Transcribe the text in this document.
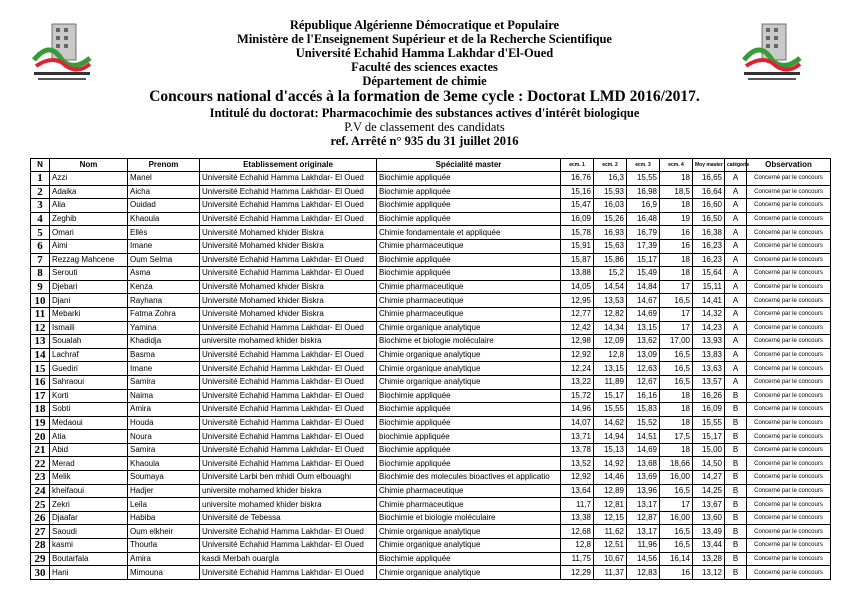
République Algérienne Démocratique et Populaire
Ministère de l'Enseignement Supérieur et de la Recherche Scientifique
Université Echahid Hamma Lakhdar d'El-Oued
Faculté des sciences exactes
Département de chimie
Concours national d'accés à la formation de 3eme cycle : Doctorat LMD 2016/2017.
Intitulé du doctorat: Pharmacochimie des substances actives d'intérêt biologique
P.V de classement des candidats
ref. Arrêté n° 935 du 31 juillet 2016
N	Nom	Prenom	Etablissement originale	Spécialité master	ecm. 1	ecm. 2	ecm. 3	ecm. 4	Moy master	catégorie	Observation
1	Azzi	Manel	Université Echahid Hamma Lakhdar- El Oued	Biochimie appliquée	16,76	16,3	15,55	18	16,65	A	Concerné par le concours
2	Adaika	Aicha	Université Echahid Hamma Lakhdar- El Oued	Biochimie appliquée	15,16	15,93	16,98	18,5	16,64	A	Concerné par le concours
3	Alia	Ouidad	Université Echahid Hamma Lakhdar- El Oued	Biochimie appliquée	15,47	16,03	16,9	18	16,60	A	Concerné par le concours
4	Zeghib	Khaoula	Université Echahid Hamma Lakhdar- El Oued	Biochimie appliquée	16,09	15,26	16,48	19	16,50	A	Concerné par le concours
5	Omari	Ellès	Université Mohamed khider Biskra	Chimie fondamentale et appliquée	15,78	16,93	16,79	16	16,38	A	Concerné par le concours
6	Aimi	Imane	Université Mohamed khider Biskra	Chimie pharmaceutique	15,91	15,63	17,39	16	16,23	A	Concerné par le concours
7	Rezzag Mahcene	Oum Selma	Université Echahid Hamma Lakhdar- El Oued	Biochimie appliquée	15,87	15,86	15,17	18	16,23	A	Concerné par le concours
8	Serouti	Asma	Université Echahid Hamma Lakhdar- El Oued	Biochimie appliquée	13,88	15,2	15,49	18	15,64	A	Concerné par le concours
9	Djebari	Kenza	Université Mohamed khider Biskra	Chimie pharmaceutique	14,05	14,54	14,84	17	15,11	A	Concerné par le concours
10	Djani	Rayhana	Université Mohamed khider Biskra	Chimie pharmaceutique	12,95	13,53	14,67	16,5	14,41	A	Concerné par le concours
11	Mebarki	Fatma Zohra	Université Mohamed khider Biskra	Chimie pharmaceutique	12,77	12,82	14,69	17	14,32	A	Concerné par le concours
12	Ismaili	Yamina	Université Echahid Hamma Lakhdar- El Oued	Chimie organique analytique	12,42	14,34	13,15	17	14,23	A	Concerné par le concours
13	Soualah	Khadidja	universite mohamed khider biskra	Biochime et biologie moléculaire	12,98	12,09	13,62	17,00	13,93	A	Concerné par le concours
14	Lachraf	Basma	Université Echahid Hamma Lakhdar- El Oued	Chimie organique analytique	12,92	12,8	13,09	16,5	13,83	A	Concerné par le concours
15	Guediri	Imane	Université Echahid Hamma Lakhdar- El Oued	Chimie organique analytique	12,24	13,15	12,63	16,5	13,63	A	Concerné par le concours
16	Sahraoui	Samira	Université Echahid Hamma Lakhdar- El Oued	Chimie organique analytique	13,22	11,89	12,67	16,5	13,57	A	Concerné par le concours
17	Korti	Naima	Université Echahid Hamma Lakhdar- El Oued	Biochimie appliquée	15,72	15,17	16,16	18	16,26	B	Concerné par le concours
18	Sobti	Amira	Université Echahid Hamma Lakhdar- El Oued	Biochimie appliquée	14,96	15,55	15,83	18	16,09	B	Concerné par le concours
19	Medaoui	Houda	Université Echahid Hamma Lakhdar- El Oued	Biochimie appliquée	14,07	14,62	15,52	18	15,55	B	Concerné par le concours
20	Atia	Noura	Université Echahid Hamma Lakhdar- El Oued	biochimie appliquée	13,71	14,94	14,51	17,5	15,17	B	Concerné par le concours
21	Abid	Samira	Université Echahid Hamma Lakhdar- El Oued	Biochimie appliquée	13,78	15,13	14,69	18	15,00	B	Concerné par le concours
22	Merad	Khaoula	Université Echahid Hamma Lakhdar- El Oued	Biochimie appliquée	13,52	14,92	13,68	18,66	14,50	B	Concerné par le concours
23	Melik	Soumaya	Université Larbi ben mhidi Oum elbouaghi	Biochimie des molecules bioactives et applicatio	12,92	14,46	13,69	16,00	14,27	B	Concerné par le concours
24	kheifaoui	Hadjer	universite mohamed khider biskra	Chimie pharmaceutique	13,64	12,89	13,96	16,5	14,25	B	Concerné par le concours
25	Zekri	Leila	universite mohamed khider biskra	Chimie pharmaceutique	11,7	12,81	13,17	17	13,67	B	Concerné par le concours
26	Djaafar	Habiba	Université de Tebessa	Biochimie et biologie moléculaire	13,38	12,15	12,87	16,00	13,60	B	Concerné par le concours
27	Saoudi	Oum elkheir	Université Echahid Hamma Lakhdar- El Oued	Chimie organique analytique	12,68	11,62	13,17	16,5	13,49	B	Concerné par le concours
28	kasmi	Thourla	Université Echahid Hamma Lakhdar- El Oued	Chimie organique analytique	12,8	12,51	11,96	16,5	13,44	B	Concerné par le concours
29	Boutarfala	Amira	kasdi Merbah ouargla	Biochimie appliquée	11,75	10,67	14,56	16,14	13,28	B	Concerné par le concours
30	Hani	Mimouna	Université Echahid Hamma Lakhdar- El Oued	Chimie organique analytique	12,29	11,37	12,83	16	13,12	B	Concerné par le concours
